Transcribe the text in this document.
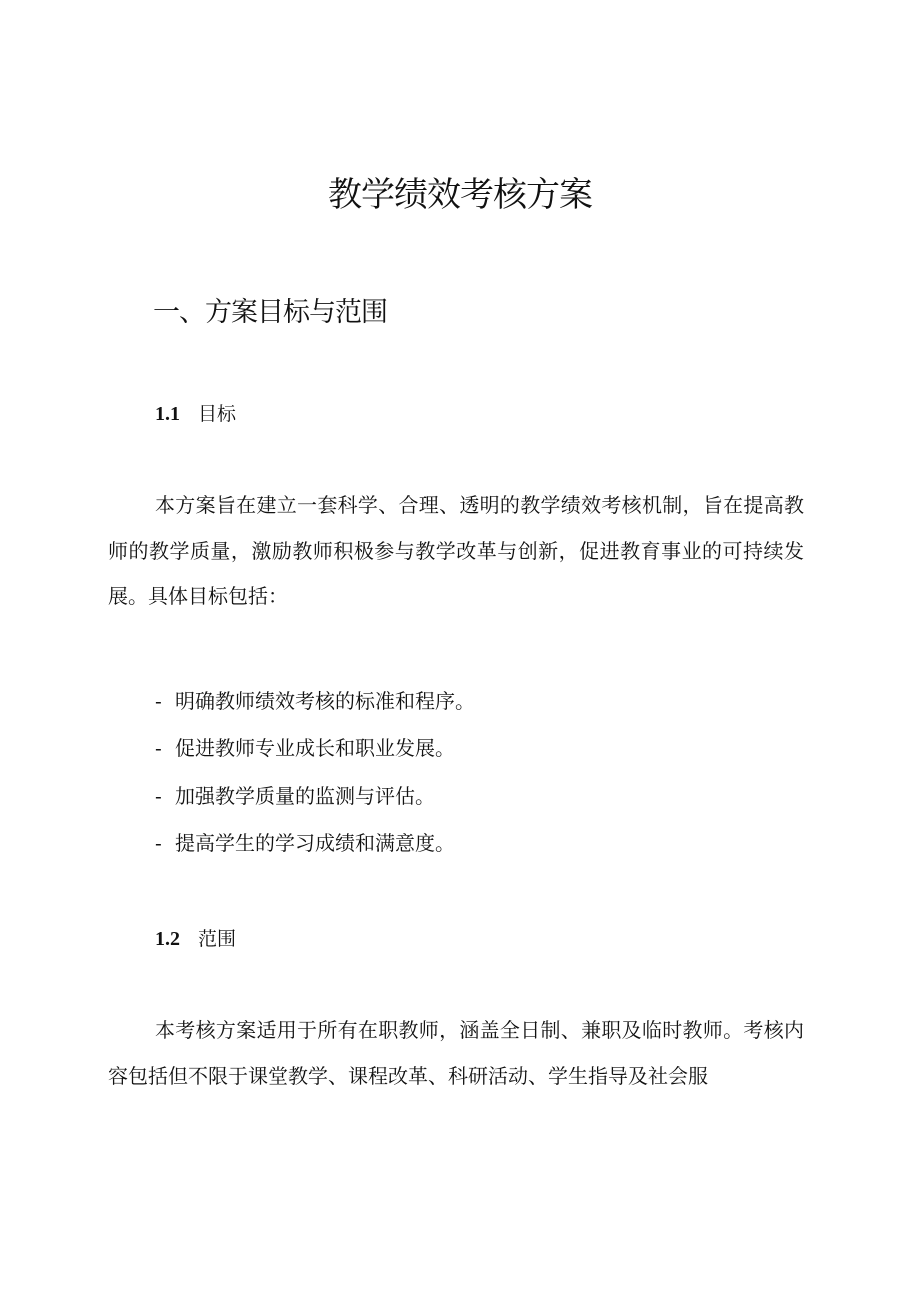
教学绩效考核方案
一、方案目标与范围
1.1 目标

本方案旨在建立一套科学、合理、透明的教学绩效考核机制，旨在提高教师的教学质量，激励教师积极参与教学改革与创新，促进教育事业的可持续发展。具体目标包括：

- 明确教师绩效考核的标准和程序。
- 促进教师专业成长和职业发展。
- 加强教学质量的监测与评估。
- 提高学生的学习成绩和满意度。
1.2 范围

本考核方案适用于所有在职教师，涵盖全日制、兼职及临时教师。考核内容包括但不限于课堂教学、课程改革、科研活动、学生指导及社会服
